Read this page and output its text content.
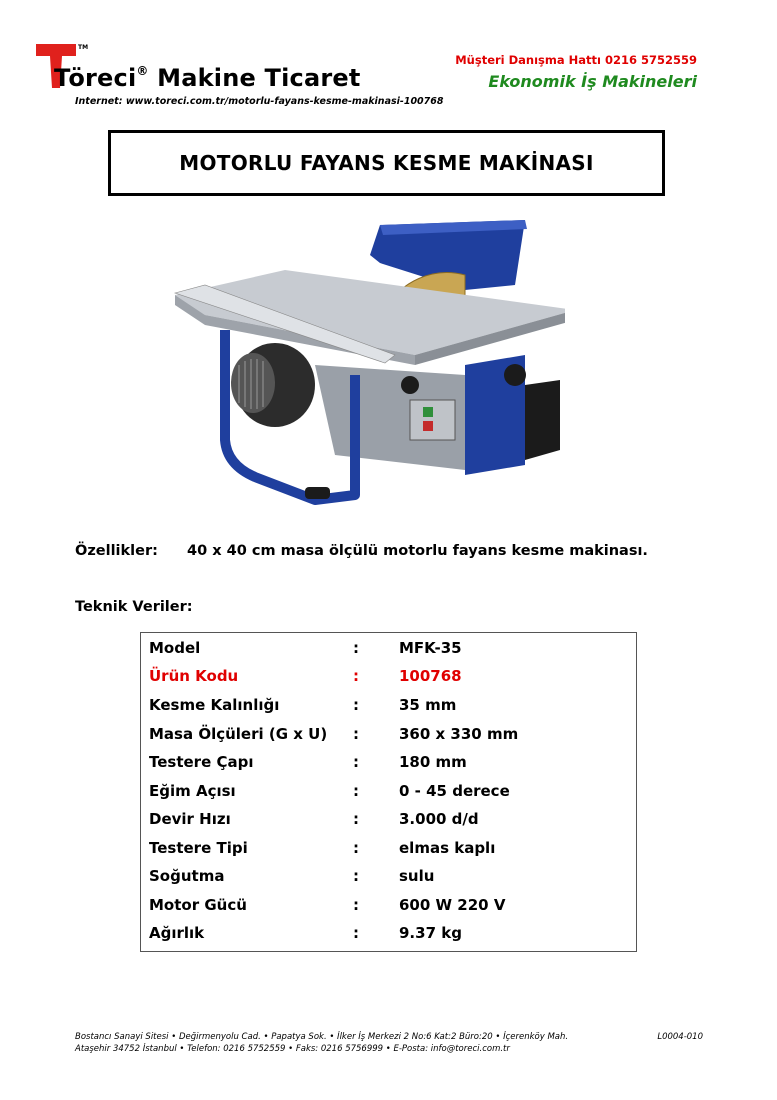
TM
Töreci® Makine Ticaret
Internet: www.toreci.com.tr/motorlu-fayans-kesme-makinasi-100768
Müşteri Danışma Hattı 0216 5752559
Ekonomik İş Makineleri
MOTORLU FAYANS KESME MAKİNASI
Özellikler: 40 x 40 cm masa ölçülü motorlu fayans kesme makinası.
Teknik Veriler:
Model	:	MFK-35
Ürün Kodu	:	100768
Kesme Kalınlığı	:	35 mm
Masa Ölçüleri (G x U) :	360 x 330 mm
Testere Çapı	:	180 mm
Eğim Açısı	:	0 - 45 derece
Devir Hızı	:	3.000 d/d
Testere Tipi	:	elmas kaplı
Soğutma	:	sulu
Motor Gücü	:	600 W 220 V
Ağırlık	:	9.37 kg
Bostancı Sanayi Sitesi • Değirmenyolu Cad. • Papatya Sok. • İlker İş Merkezi 2 No:6 Kat:2 Büro:20 • İçerenköy Mah.
Ataşehir 34752 İstanbul • Telefon: 0216 5752559 • Faks: 0216 5756999 • E-Posta: info@toreci.com.tr
L0004-010
